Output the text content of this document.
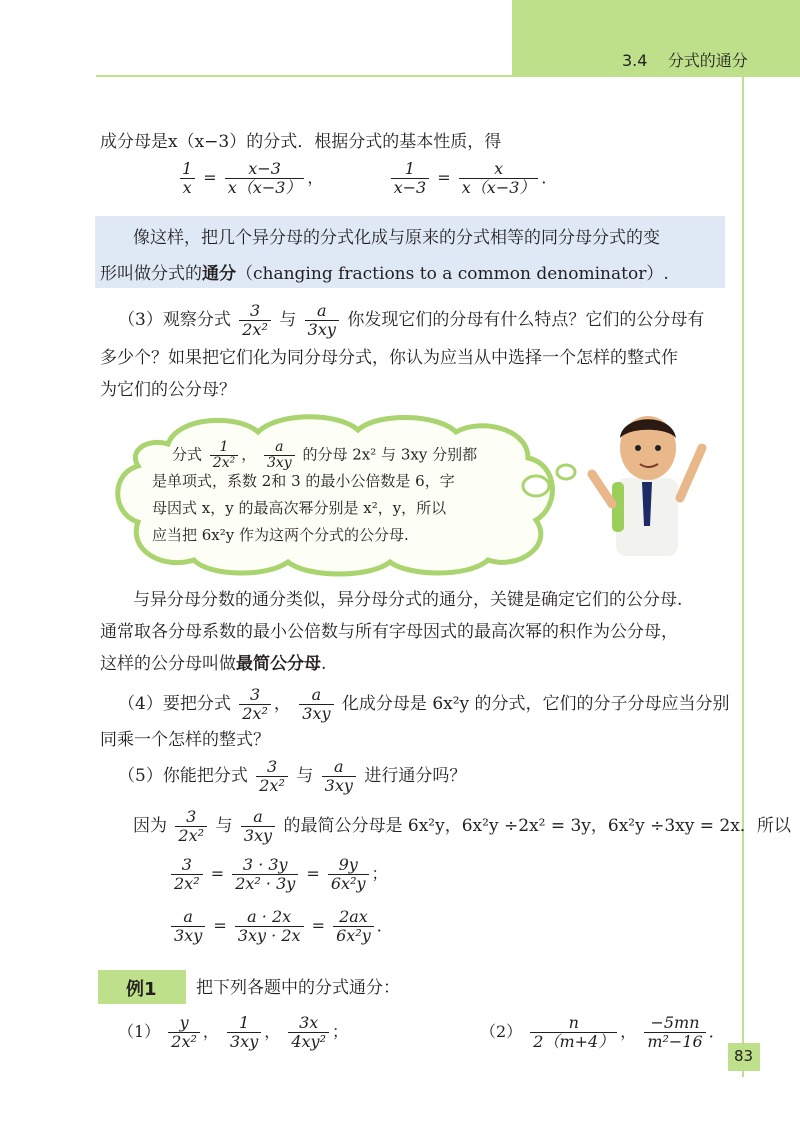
3.4    分式的通分
成分母是x（x−3）的分式．根据分式的基本性质，得
$\frac{1}{x} = \frac{x-3}{x(x-3)}$ ，	$\frac{1}{x-3} = \frac{x}{x(x-3)}$ ．
像这样，把几个异分母的分式化成与原来的分式相等的同分母分式的变
形叫做分式的通分（changing fractions to a common denominator）.
（3）观察分式 $\frac{3}{\text{2x²}}$ 与 $\frac{a}{3xy}$ 你发现它们的分母有什么特点？它们的公分母有
多少个？如果把它们化为同分母分式，你认为应当从中选择一个怎样的整式作
为它们的公分母？
分式 $\frac{1}{\text{2x²}}$ ， $\frac{a}{3xy}$ 的分母 2x² 与 3xy 分别都
是单项式，系数 2和 3 的最小公倍数是 6，字
母因式 x，y 的最高次幂分别是 x²，y，所以
应当把 6x²y 作为这两个分式的公分母.
与异分母分数的通分类似，异分母分式的通分，关键是确定它们的公分母.
通常取各分母系数的最小公倍数与所有字母因式的最高次幂的积作为公分母，
这样的公分母叫做最简公分母.
（4）要把分式 $\frac{3}{\text{2x²}}$ ， $\frac{a}{3xy}$ 化成分母是 6x²y 的分式，它们的分子分母应当分别
同乘一个怎样的整式？
（5）你能把分式 $\frac{3}{\text{2x²}}$ 与 $\frac{a}{3xy}$ 进行通分吗？
因为 $\frac{3}{\text{2x²}}$ 与 $\frac{a}{3xy}$ 的最简公分母是 6x²y，6x²y ÷2x² = 3y，6x²y ÷3xy = 2x．所以
$\frac{3}{\text{2x²}} = \frac{3 \cdot 3y}{\text{2x² · 3y}} = \frac{9y}{\text{6x²y}}$ ；
$\frac{a}{3xy} = \frac{a \cdot 2x}{3xy \cdot 2x} = \frac{2ax}{\text{6x²y}}$ ．
例1 把下列各题中的分式通分：
$(1) \frac{y}{\text{2x²}}$ ， $\frac{1}{3xy}$ ， $\frac{3x}{\text{4xy²}}$ ；	$(2) \frac{n}{2(m+4)}$ ， $\frac{-5mn}{\text{m²−16}}$ ．
83
